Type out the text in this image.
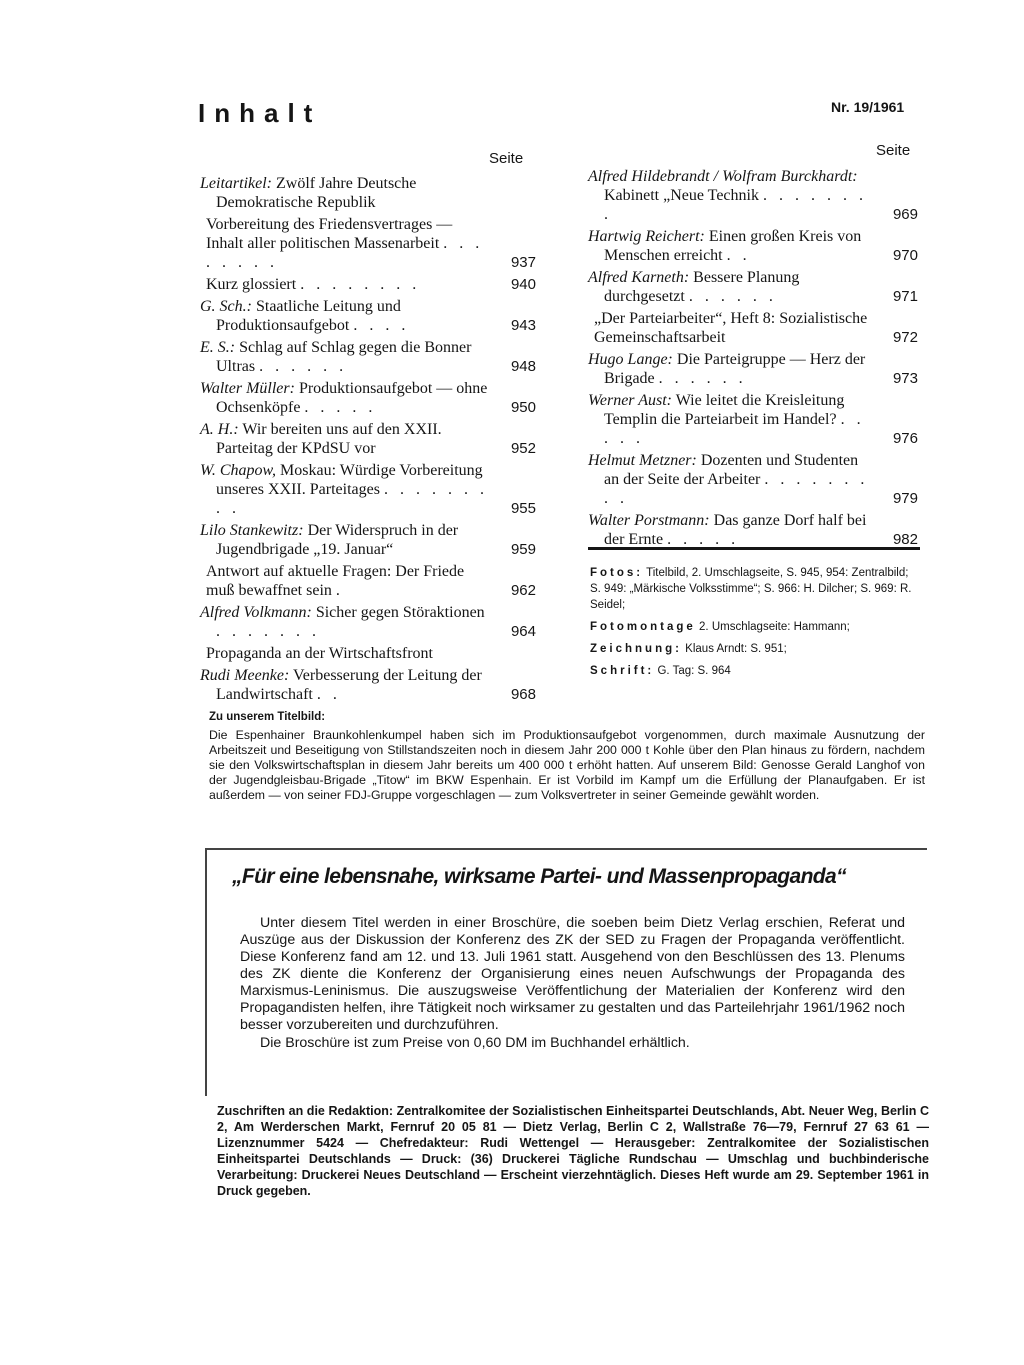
Inhalt	Nr. 19/1961
Seite	Seite
Leitartikel: Zwölf Jahre Deutsche Demokratische Republik
Vorbereitung des Friedensvertrages — Inhalt aller politischen Massenarbeit . . . . . . . .	937
Kurz glossiert . . . . . . . .	940
G. Sch.: Staatliche Leitung und Produktionsaufgebot . . . .	943
E. S.: Schlag auf Schlag gegen die Bonner Ultras . . . . . .	948
Walter Müller: Produktionsaufgebot — ohne Ochsenköpfe . . . . .	950
A. H.: Wir bereiten uns auf den XXII. Parteitag der KPdSU vor	952
W. Chapow, Moskau: Würdige Vorbereitung unseres XXII. Parteitages . . . . . . . . .	955
Lilo Stankewitz: Der Widerspruch in der Jugendbrigade „19. Januar“	959
Antwort auf aktuelle Fragen: Der Friede muß bewaffnet sein .	962
Alfred Volkmann: Sicher gegen Störaktionen . . . . . . .	964
Propaganda an der Wirtschaftsfront
Rudi Meenke: Verbesserung der Leitung der Landwirtschaft . .	968
Alfred Hildebrandt / Wolfram Burckhardt: Kabinett „Neue Technik . . . . . . . .	969
Hartwig Reichert: Einen großen Kreis von Menschen erreicht . .	970
Alfred Karneth: Bessere Planung durchgesetzt . . . . . .	971
„Der Parteiarbeiter“, Heft 8: Sozialistische Gemeinschaftsarbeit	972
Hugo Lange: Die Parteigruppe — Herz der Brigade . . . . . .	973
Werner Aust: Wie leitet die Kreisleitung Templin die Parteiarbeit im Handel? . . . . .	976
Helmut Metzner: Dozenten und Studenten an der Seite der Arbeiter . . . . . . . . .	979
Walter Porstmann: Das ganze Dorf half bei der Ernte . . . . .	982

Fotos: Titelbild, 2. Umschlagseite, S. 945, 954: Zentralbild; S. 949: „Märkische Volksstimme“; S. 966: H. Dilcher; S. 969: R. Seidel;

Fotomontage 2. Umschlagseite: Hammann;

Zeichnung: Klaus Arndt: S. 951;

Schrift: G. Tag: S. 964

Zu unserem Titelbild:

Die Espenhainer Braunkohlenkumpel haben sich im Produktionsaufgebot vorgenommen, durch maximale Ausnutzung der Arbeitszeit und Beseitigung von Stillstandszeiten noch in diesem Jahr 200 000 t Kohle über den Plan hinaus zu fördern, nachdem sie den Volkswirtschaftsplan in diesem Jahr bereits um 400 000 t erhöht hatten. Auf unserem Bild: Genosse Gerald Langhof von der Jugendgleisbau-Brigade „Titow“ im BKW Espenhain. Er ist Vorbild im Kampf um die Erfüllung der Planaufgaben. Er ist außerdem — von seiner FDJ-Gruppe vorgeschlagen — zum Volksvertreter in seiner Gemeinde gewählt worden.

„Für eine lebensnahe, wirksame Partei- und Massenpropaganda“

Unter diesem Titel werden in einer Broschüre, die soeben beim Dietz Verlag erschien, Referat und Auszüge aus der Diskussion der Konferenz des ZK der SED zu Fragen der Propaganda veröffentlicht. Diese Konferenz fand am 12. und 13. Juli 1961 statt. Ausgehend von den Beschlüssen des 13. Plenums des ZK diente die Konferenz der Organisierung eines neuen Aufschwungs der Propaganda des Marxismus-Leninismus. Die auszugsweise Veröffentlichung der Materialien der Konferenz wird den Propagandisten helfen, ihre Tätigkeit noch wirksamer zu gestalten und das Parteilehrjahr 1961/1962 noch besser vorzubereiten und durchzuführen.

Die Broschüre ist zum Preise von 0,60 DM im Buchhandel erhältlich.

Zuschriften an die Redaktion: Zentralkomitee der Sozialistischen Einheitspartei Deutschlands, Abt. Neuer Weg, Berlin C 2, Am Werderschen Markt, Fernruf 20 05 81 — Dietz Verlag, Berlin C 2, Wallstraße 76—79, Fernruf 27 63 61 — Lizenznummer 5424 — Chefredakteur: Rudi Wettengel — Herausgeber: Zentralkomitee der Sozialistischen Einheitspartei Deutschlands — Druck: (36) Druckerei Tägliche Rundschau — Umschlag und buchbinderische Verarbeitung: Druckerei Neues Deutschland — Erscheint vierzehntäglich. Dieses Heft wurde am 29. September 1961 in Druck gegeben.
